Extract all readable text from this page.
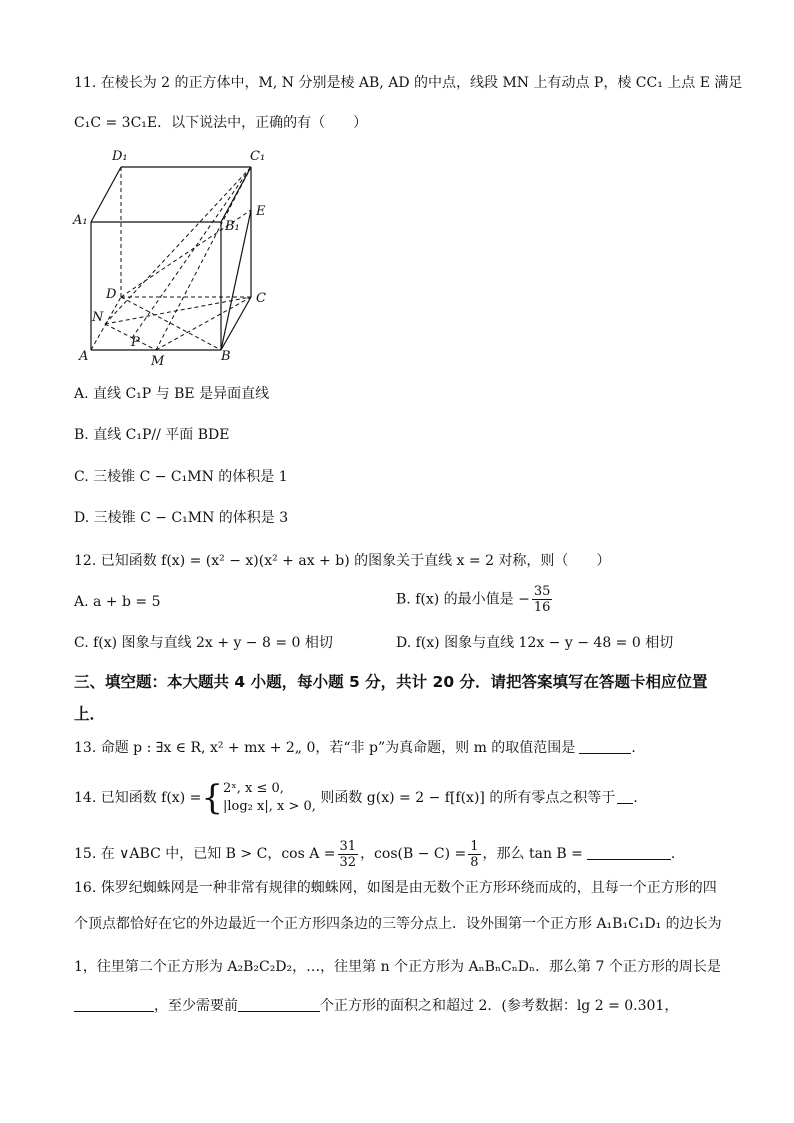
11. 在棱长为 2 的正方体中，M, N 分别是棱 AB, AD 的中点，线段 MN 上有动点 P，棱 CC₁ 上点 E 满足
C₁C = 3C₁E．以下说法中，正确的有（　　）
D₁	C₁
A₁	B₁
E
D	C
N
P
A	M	B
A. 直线 C₁P 与 BE 是异面直线
B. 直线 C₁P// 平面 BDE
C. 三棱锥 C − C₁MN 的体积是 1
D. 三棱锥 C − C₁MN 的体积是 3
12. 已知函数 f(x) = (x² − x)(x² + ax + b) 的图象关于直线 x = 2 对称，则（　　）
A. a + b = 5	B. f(x) 的最小值是 − $\frac{35}{16}$
C. f(x) 图象与直线 2x + y − 8 = 0 相切	D. f(x) 图象与直线 12x − y − 48 = 0 相切
三、填空题：本大题共 4 小题，每小题 5 分，共计 20 分．请把答案填写在答题卡相应位置
上．
13. 命题 p : ∃x ∈ R, x² + mx + 2„ 0，若“非 p”为真命题，则 m 的取值范围是	．
14. 已知函数 f(x) ={ 2ˣ, x ≤ 0,
|log₂ x|, x > 0,
则函数 g(x) = 2 − f[f(x)] 的所有零点之积等于 ．
15. 在 ∨ABC 中，已知 B > C，$\cos A = \frac{31}{32}$ ，$\cos(B - C) = \frac{1}{8}$ ，那么 tan B =	．
16. 侏罗纪蜘蛛网是一种非常有规律的蜘蛛网，如图是由无数个正方形环绕而成的，且每一个正方形的四
个顶点都恰好在它的外边最近一个正方形四条边的三等分点上．设外围第一个正方形 A₁B₁C₁D₁ 的边长为
1，往里第二个正方形为 A₂B₂C₂D₂，…，往里第 n 个正方形为 AₙBₙCₙDₙ．那么第 7 个正方形的周长是
，至少需要前	个正方形的面积之和超过 2．(参考数据：lg 2 = 0.301，
